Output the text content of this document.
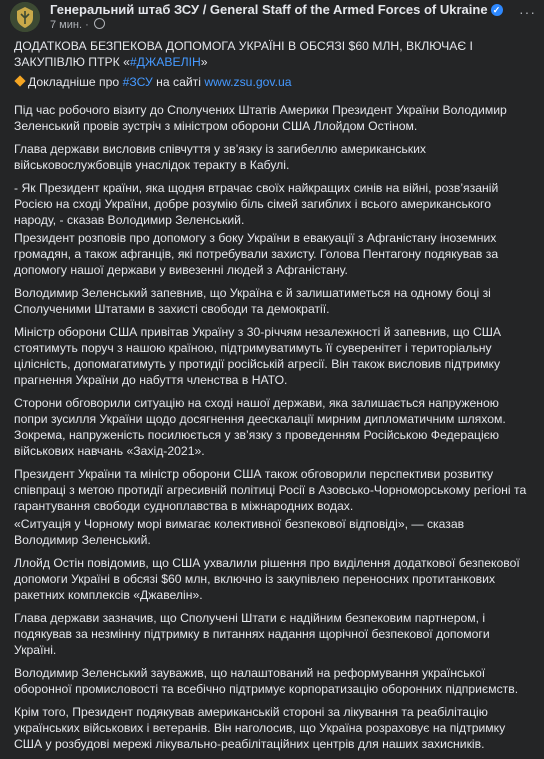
Генеральний штаб ЗСУ / General Staff of the Armed Forces of Ukraine ✓
7 мин. ·
···
ДОДАТКОВА БЕЗПЕКОВА ДОПОМОГА УКРАЇНІ В ОБСЯЗІ $60 МЛН, ВКЛЮЧАЄ І ЗАКУПІВЛЮ ПТРК «#ДЖАВЕЛІН»
Докладніше про #ЗСУ на сайті www.zsu.gov.ua
Під час робочого візиту до Сполучених Штатів Америки Президент України Володимир Зеленський провів зустріч з міністром оборони США Ллойдом Остіном.
Глава держави висловив співчуття у зв’язку із загибеллю американських військовослужбовців унаслідок теракту в Кабулі.
- Як Президент країни, яка щодня втрачає своїх найкращих синів на війні, розв’язаній Росією на сході України, добре розумію біль сімей загиблих і всього американського народу, - сказав Володимир Зеленський.
Президент розповів про допомогу з боку України в евакуації з Афганістану іноземних громадян, а також афганців, які потребували захисту. Голова Пентагону подякував за допомогу нашої держави у вивезенні людей з Афганістану.
Володимир Зеленський запевнив, що Україна є й залишатиметься на одному боці зі Сполученими Штатами в захисті свободи та демократії.
Міністр оборони США привітав Україну з 30-річчям незалежності й запевнив, що США стоятимуть поруч з нашою країною, підтримуватимуть її суверенітет і територіальну цілісність, допомагатимуть у протидії російській агресії. Він також висловив підтримку прагнення України до набуття членства в НАТО.
Сторони обговорили ситуацію на сході нашої держави, яка залишається напруженою попри зусилля України щодо досягнення деескалації мирним дипломатичним шляхом. Зокрема, напруженість посилюється у зв’язку з проведенням Російською Федерацією військових навчань «Захід-2021».
Президент України та міністр оборони США також обговорили перспективи розвитку співпраці з метою протидії агресивній політиці Росії в Азовсько-Чорноморському регіоні та гарантування свободи судноплавства в міжнародних водах.
«Ситуація у Чорному морі вимагає колективної безпекової відповіді», — сказав Володимир Зеленський.
Ллойд Остін повідомив, що США ухвалили рішення про виділення додаткової безпекової допомоги Україні в обсязі $60 млн, включно із закупівлею переносних протитанкових ракетних комплексів «Джавелін».
Глава держави зазначив, що Сполучені Штати є надійним безпековим партнером, і подякував за незмінну підтримку в питаннях надання щорічної безпекової допомоги Україні.
Володимир Зеленський зауважив, що налаштований на реформування української оборонної промисловості та всебічно підтримує корпоратизацію оборонних підприємств.
Крім того, Президент подякував американській стороні за лікування та реабілітацію українських військових і ветеранів. Він наголосив, що Україна розраховує на підтримку США у розбудові мережі лікувально-реабілітаційних центрів для наших захисників.
